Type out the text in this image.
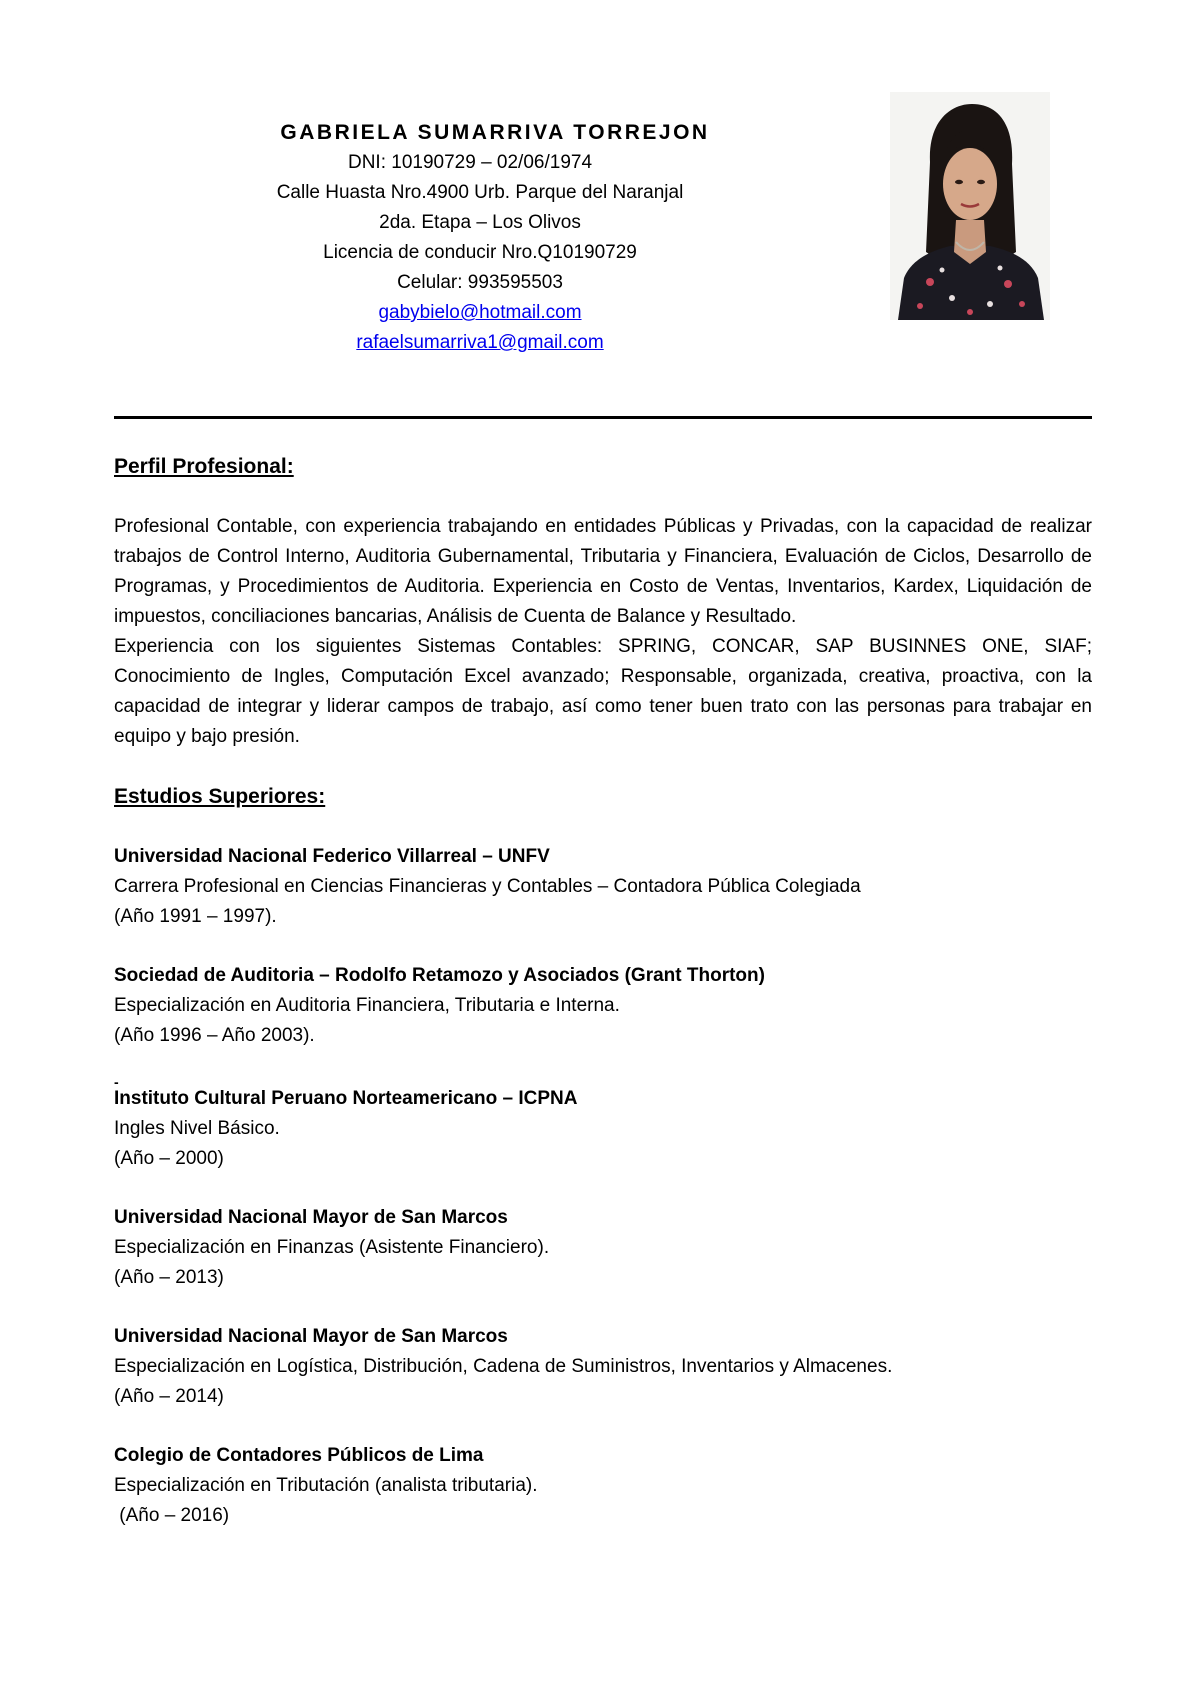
GABRIELA SUMARRIVA TORREJON
DNI: 10190729 – 02/06/1974
Calle Huasta Nro.4900 Urb. Parque del Naranjal
2da. Etapa – Los Olivos
Licencia de conducir Nro.Q10190729
Celular: 993595503
gabybielo@hotmail.com
rafaelsumarriva1@gmail.com
Perfil Profesional:

Profesional Contable, con experiencia trabajando en entidades Públicas y Privadas, con la capacidad de realizar trabajos de Control Interno, Auditoria Gubernamental, Tributaria y Financiera, Evaluación de Ciclos, Desarrollo de Programas, y Procedimientos de Auditoria. Experiencia en Costo de Ventas, Inventarios, Kardex, Liquidación de impuestos, conciliaciones bancarias, Análisis de Cuenta de Balance y Resultado.

Experiencia con los siguientes Sistemas Contables: SPRING, CONCAR, SAP BUSINNES ONE, SIAF; Conocimiento de Ingles, Computación Excel avanzado; Responsable, organizada, creativa, proactiva, con la capacidad de integrar y liderar campos de trabajo, así como tener buen trato con las personas para trabajar en equipo y bajo presión.

Estudios Superiores:
Universidad Nacional Federico Villarreal – UNFV
Carrera Profesional en Ciencias Financieras y Contables – Contadora Pública Colegiada
(Año 1991 – 1997).
Sociedad de Auditoria – Rodolfo Retamozo y Asociados (Grant Thorton)
Especialización en Auditoria Financiera, Tributaria e Interna.
(Año 1996 – Año 2003).
-
Instituto Cultural Peruano Norteamericano – ICPNA
Ingles Nivel Básico.
(Año – 2000)
Universidad Nacional Mayor de San Marcos
Especialización en Finanzas (Asistente Financiero).
(Año – 2013)
Universidad Nacional Mayor de San Marcos
Especialización en Logística, Distribución, Cadena de Suministros, Inventarios y Almacenes.
(Año – 2014)
Colegio de Contadores Públicos de Lima
Especialización en Tributación (analista tributaria).
(Año – 2016)
